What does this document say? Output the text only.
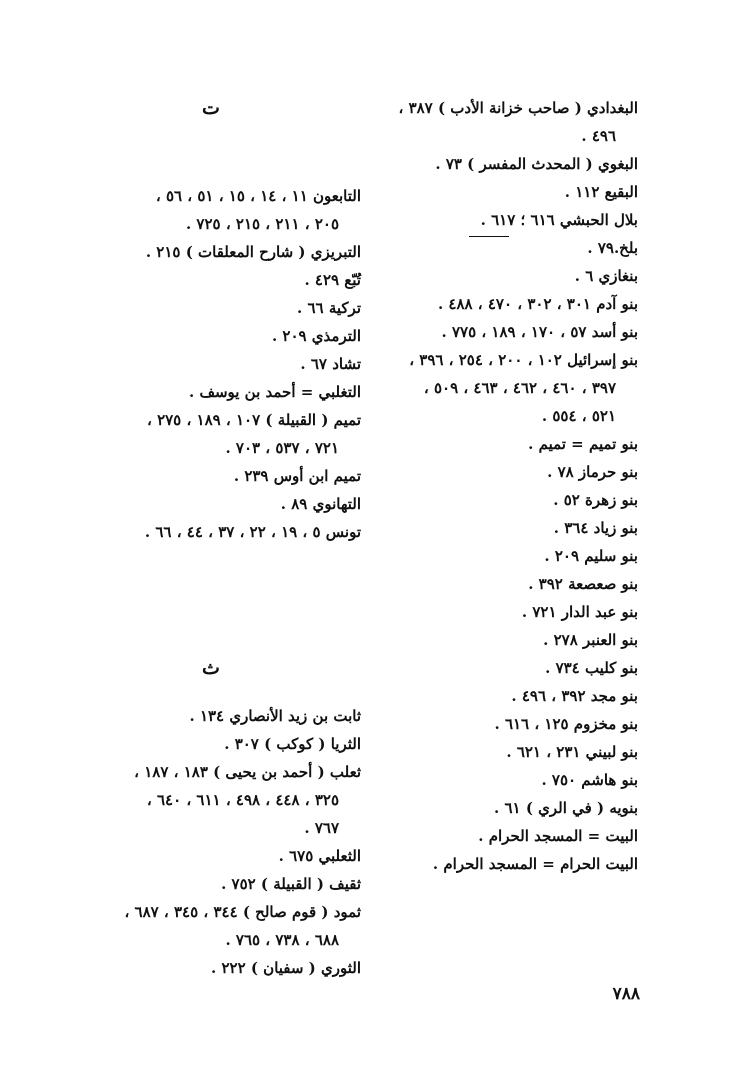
البغدادي ( صاحب خزانة الأدب ) ٣٨٧ ،
٤٩٦ .
البغوي ( المحدث المفسر ) ٧٣ .
البقيع ١١٢ .
بلال الحبشي ٦١٦ ؛ ٦١٧ .
بلخ.٧٩ .
بنغازي ٦ .
بنو آدم ٣٠١ ، ٣٠٢ ، ٤٧٠ ، ٤٨٨ .
بنو أسد ٥٧ ، ١٧٠ ، ١٨٩ ، ٧٧٥ .
بنو إسرائيل ١٠٢ ، ٢٠٠ ، ٢٥٤ ، ٣٩٦ ،
٣٩٧ ، ٤٦٠ ، ٤٦٢ ، ٤٦٣ ، ٥٠٩ ،
٥٢١ ، ٥٥٤ .
بنو تميم = تميم .
بنو حرماز ٧٨ .
بنو زهرة ٥٢ .
بنو زياد ٣٦٤ .
بنو سليم ٢٠٩ .
بنو صعصعة ٣٩٢ .
بنو عبد الدار ٧٢١ .
بنو العنبر ٢٧٨ .
بنو كليب ٧٣٤ .
بنو مجد ٣٩٢ ، ٤٩٦ .
بنو مخزوم ١٢٥ ، ٦١٦ .
بنو لبيني ٢٣١ ، ٦٢١ .
بنو هاشم ٧٥٠ .
بنويه ( في الري ) ٦١ .
البيت = المسجد الحرام .
البيت الحرام = المسجد الحرام .
ت
التابعون ١١ ، ١٤ ، ١٥ ، ٥١ ، ٥٦ ،
٢٠٥ ، ٢١١ ، ٢١٥ ، ٧٢٥ .
التبريزي ( شارح المعلقات ) ٢١٥ .
تُبّع ٤٢٩ .
تركية ٦٦ .
الترمذي ٢٠٩ .
تشاد ٦٧ .
التغلبي = أحمد بن يوسف .
تميم ( القبيلة ) ١٠٧ ، ١٨٩ ، ٢٧٥ ،
٧٢١ ، ٥٣٧ ، ٧٠٣ .
تميم ابن أوس ٢٣٩ .
التهانوي ٨٩ .
تونس ٥ ، ١٩ ، ٢٢ ، ٣٧ ، ٤٤ ، ٦٦ .
ث
ثابت بن زيد الأنصاري ١٣٤ .
الثريا ( كوكب ) ٣٠٧ .
ثعلب ( أحمد بن يحيى ) ١٨٣ ، ١٨٧ ،
٣٢٥ ، ٤٤٨ ، ٤٩٨ ، ٦١١ ، ٦٤٠ ،
٧٦٧ .
الثعلبي ٦٧٥ .
ثقيف ( القبيلة ) ٧٥٢ .
ثمود ( قوم صالح ) ٣٤٤ ، ٣٤٥ ، ٦٨٧ ،
٦٨٨ ، ٧٣٨ ، ٧٦٥ .
الثوري ( سفيان ) ٢٢٢ .
٧٨٨
